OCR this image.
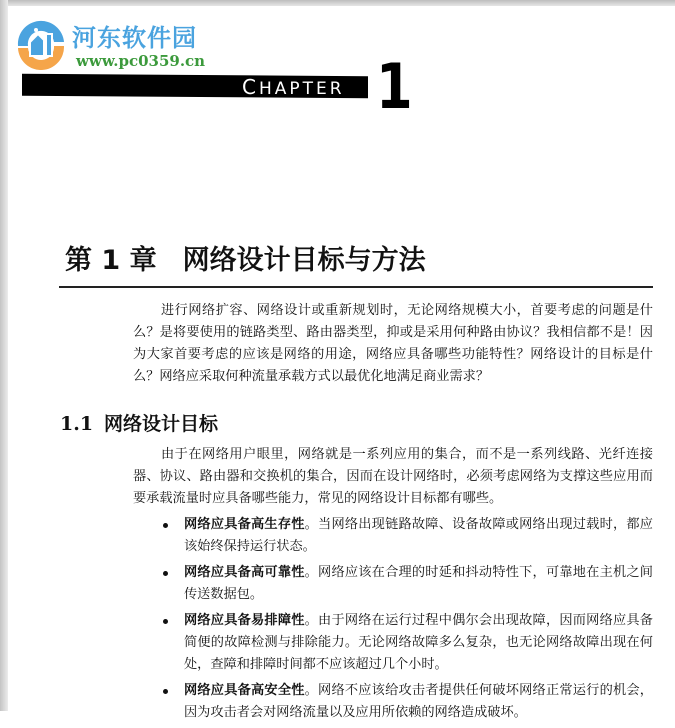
河东软件园
www.pc0359.cn
CHAPTER 1
第 1 章 网络设计目标与方法

进行网络扩容、网络设计或重新规划时，无论网络规模大小，首要考虑的问题是什么？是将要使用的链路类型、路由器类型，抑或是采用何种路由协议？我相信都不是！因为大家首要考虑的应该是网络的用途，网络应具备哪些功能特性？网络设计的目标是什么？网络应采取何种流量承载方式以最优化地满足商业需求？

1.1 网络设计目标

由于在网络用户眼里，网络就是一系列应用的集合，而不是一系列线路、光纤连接器、协议、路由器和交换机的集合，因而在设计网络时，必须考虑网络为支撑这些应用而要承载流量时应具备哪些能力，常见的网络设计目标都有哪些。

网络应具备高生存性。当网络出现链路故障、设备故障或网络出现过载时，都应该始终保持运行状态。
网络应具备高可靠性。网络应该在合理的时延和抖动特性下，可靠地在主机之间传送数据包。
网络应具备易排障性。由于网络在运行过程中偶尔会出现故障，因而网络应具备简便的故障检测与排除能力。无论网络故障多么复杂，也无论网络故障出现在何处，查障和排障时间都不应该超过几个小时。
网络应具备高安全性。网络不应该给攻击者提供任何破坏网络正常运行的机会，因为攻击者会对网络流量以及应用所依赖的网络造成破坏。
